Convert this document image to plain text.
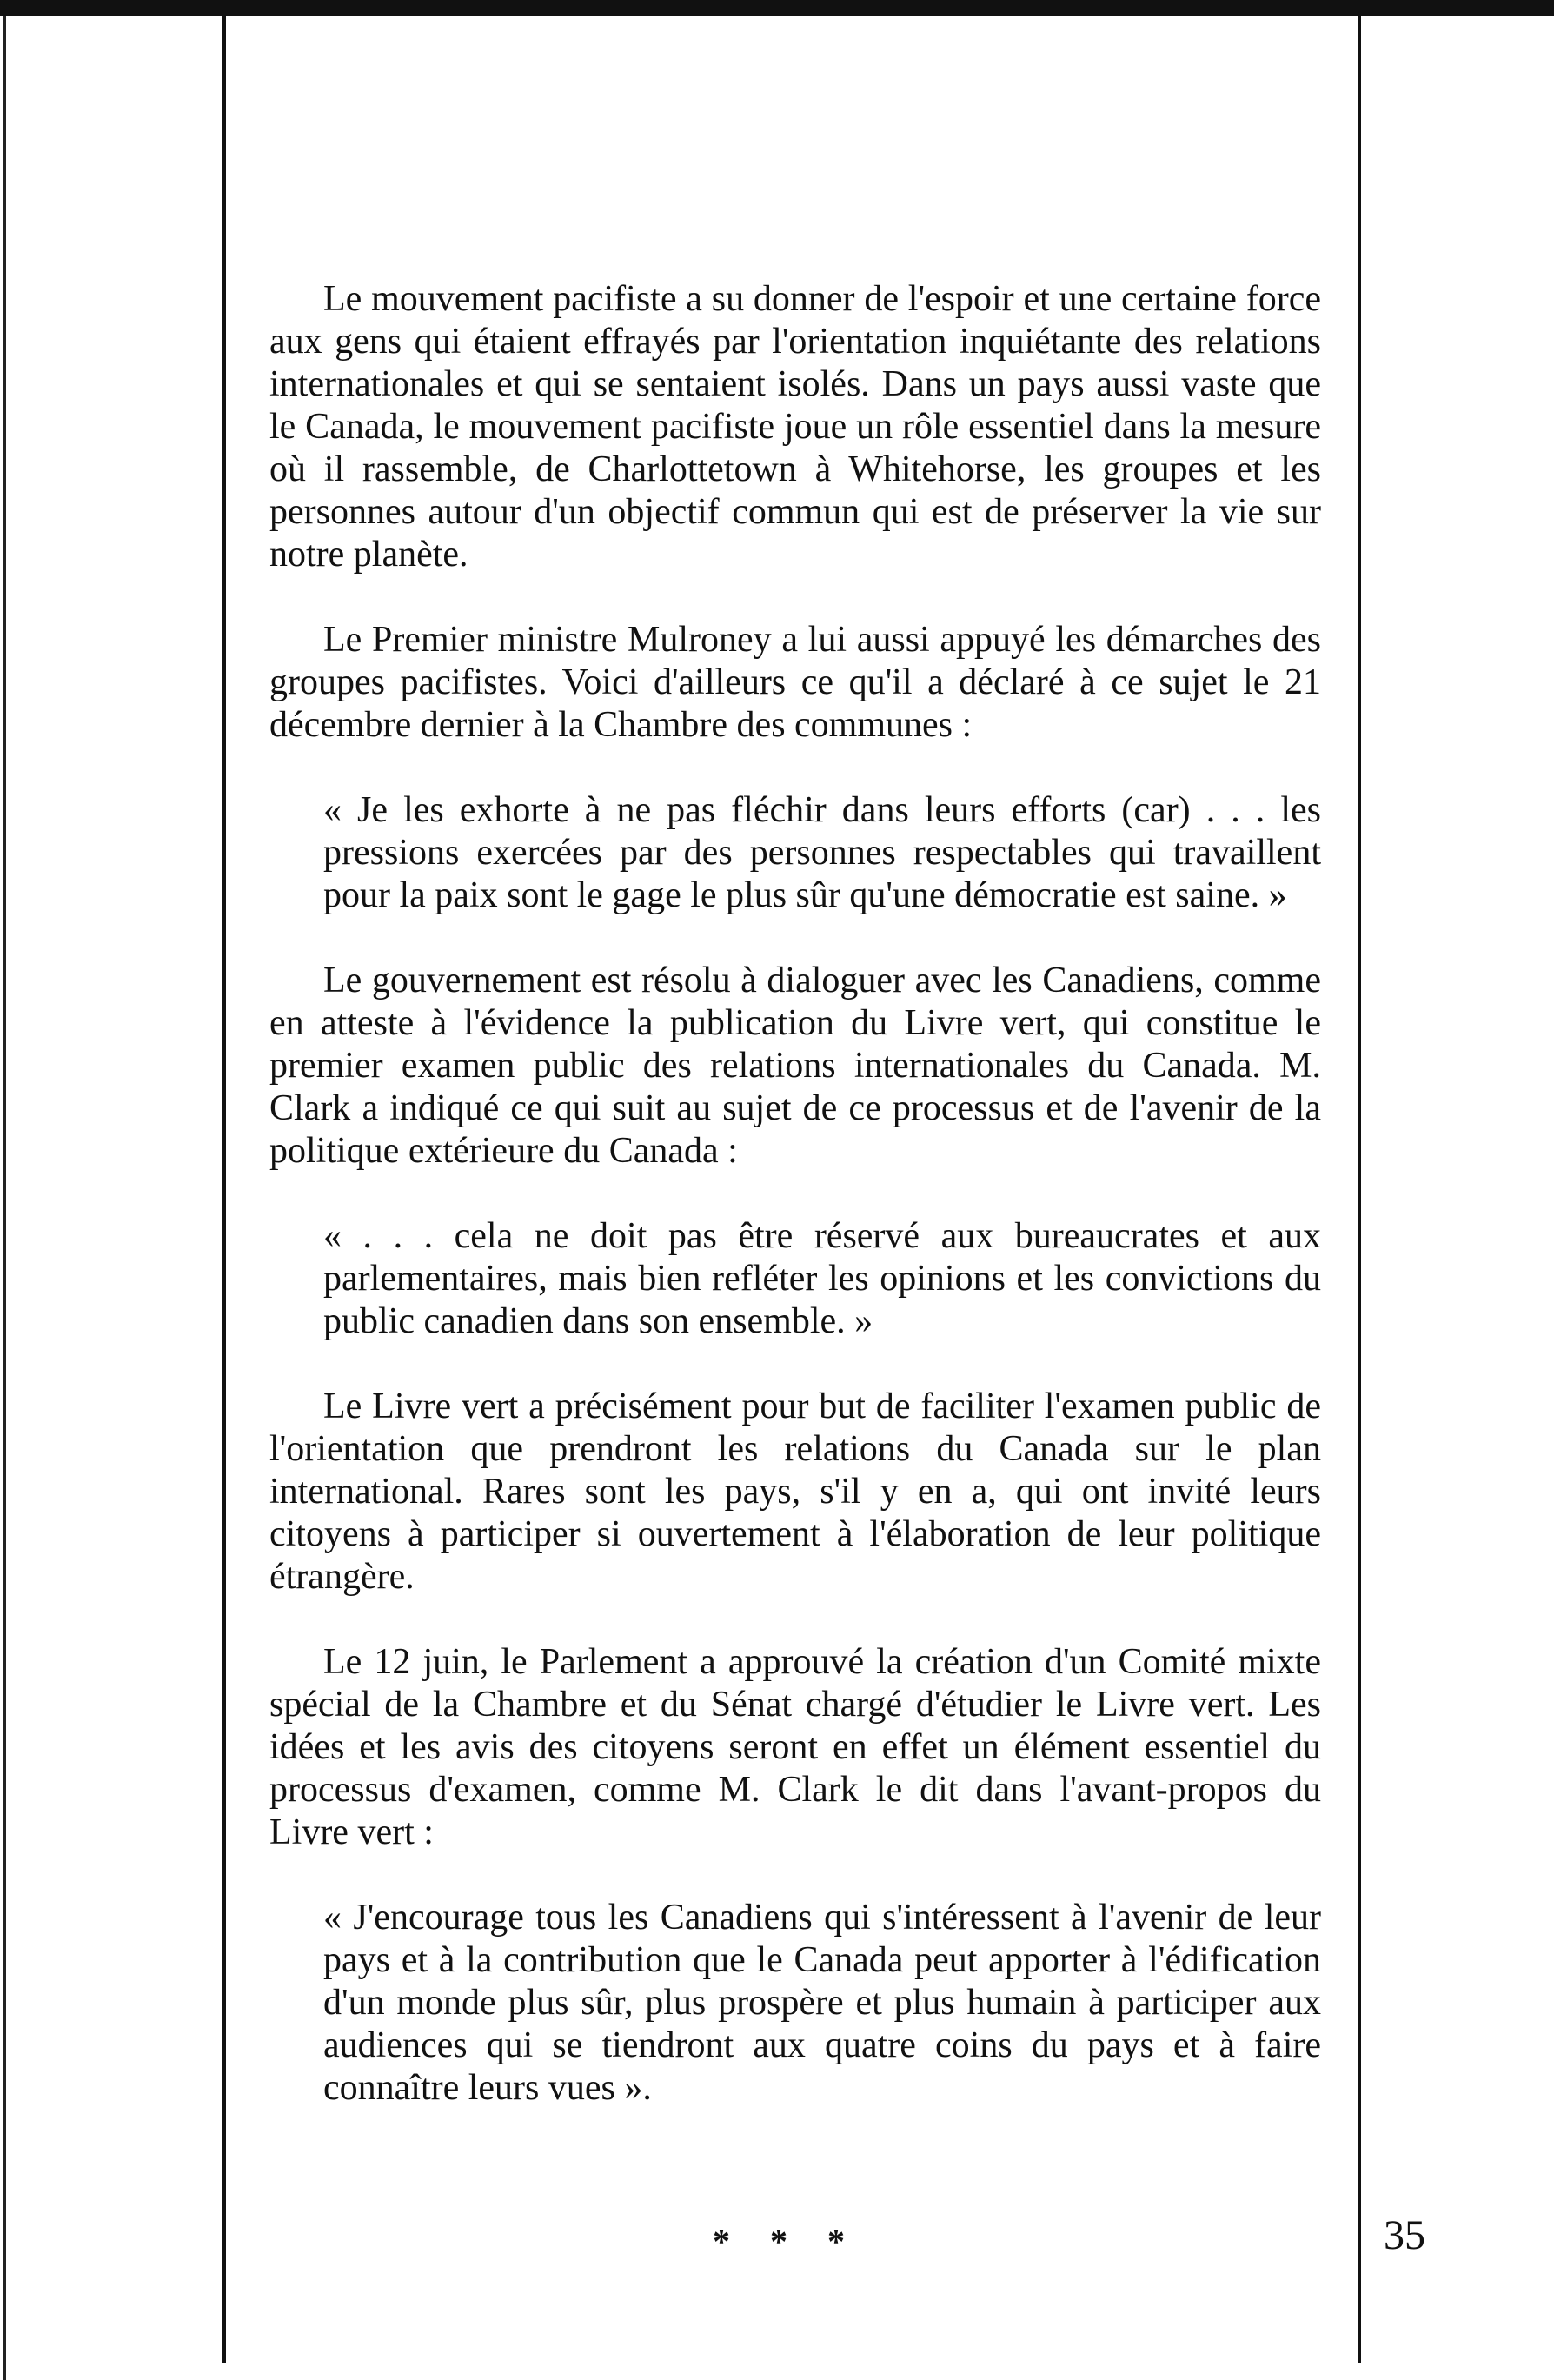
Le mouvement pacifiste a su donner de l'espoir et une certaine force aux gens qui étaient effrayés par l'orientation inquiétante des relations internationales et qui se sentaient isolés. Dans un pays aussi vaste que le Canada, le mouvement pacifiste joue un rôle essentiel dans la mesure où il rassemble, de Charlottetown à Whitehorse, les groupes et les personnes autour d'un objectif commun qui est de préserver la vie sur notre planète.

Le Premier ministre Mulroney a lui aussi appuyé les démarches des groupes pacifistes. Voici d'ailleurs ce qu'il a déclaré à ce sujet le 21 décembre dernier à la Chambre des communes :

« Je les exhorte à ne pas fléchir dans leurs efforts (car) . . . les pressions exercées par des personnes respectables qui travaillent pour la paix sont le gage le plus sûr qu'une démocratie est saine. »

Le gouvernement est résolu à dialoguer avec les Canadiens, comme en atteste à l'évidence la publication du Livre vert, qui constitue le premier examen public des relations internationales du Canada. M. Clark a indiqué ce qui suit au sujet de ce processus et de l'avenir de la politique extérieure du Canada :

« . . . cela ne doit pas être réservé aux bureaucrates et aux parlementaires, mais bien refléter les opinions et les convictions du public canadien dans son ensemble. »

Le Livre vert a précisément pour but de faciliter l'examen public de l'orientation que prendront les relations du Canada sur le plan international. Rares sont les pays, s'il y en a, qui ont invité leurs citoyens à participer si ouvertement à l'élaboration de leur politique étrangère.

Le 12 juin, le Parlement a approuvé la création d'un Comité mixte spécial de la Chambre et du Sénat chargé d'étudier le Livre vert. Les idées et les avis des citoyens seront en effet un élément essentiel du processus d'examen, comme M. Clark le dit dans l'avant-propos du Livre vert :

« J'encourage tous les Canadiens qui s'intéressent à l'avenir de leur pays et à la contribution que le Canada peut apporter à l'édification d'un monde plus sûr, plus prospère et plus humain à participer aux audiences qui se tiendront aux quatre coins du pays et à faire connaître leurs vues ».

* * *	35
